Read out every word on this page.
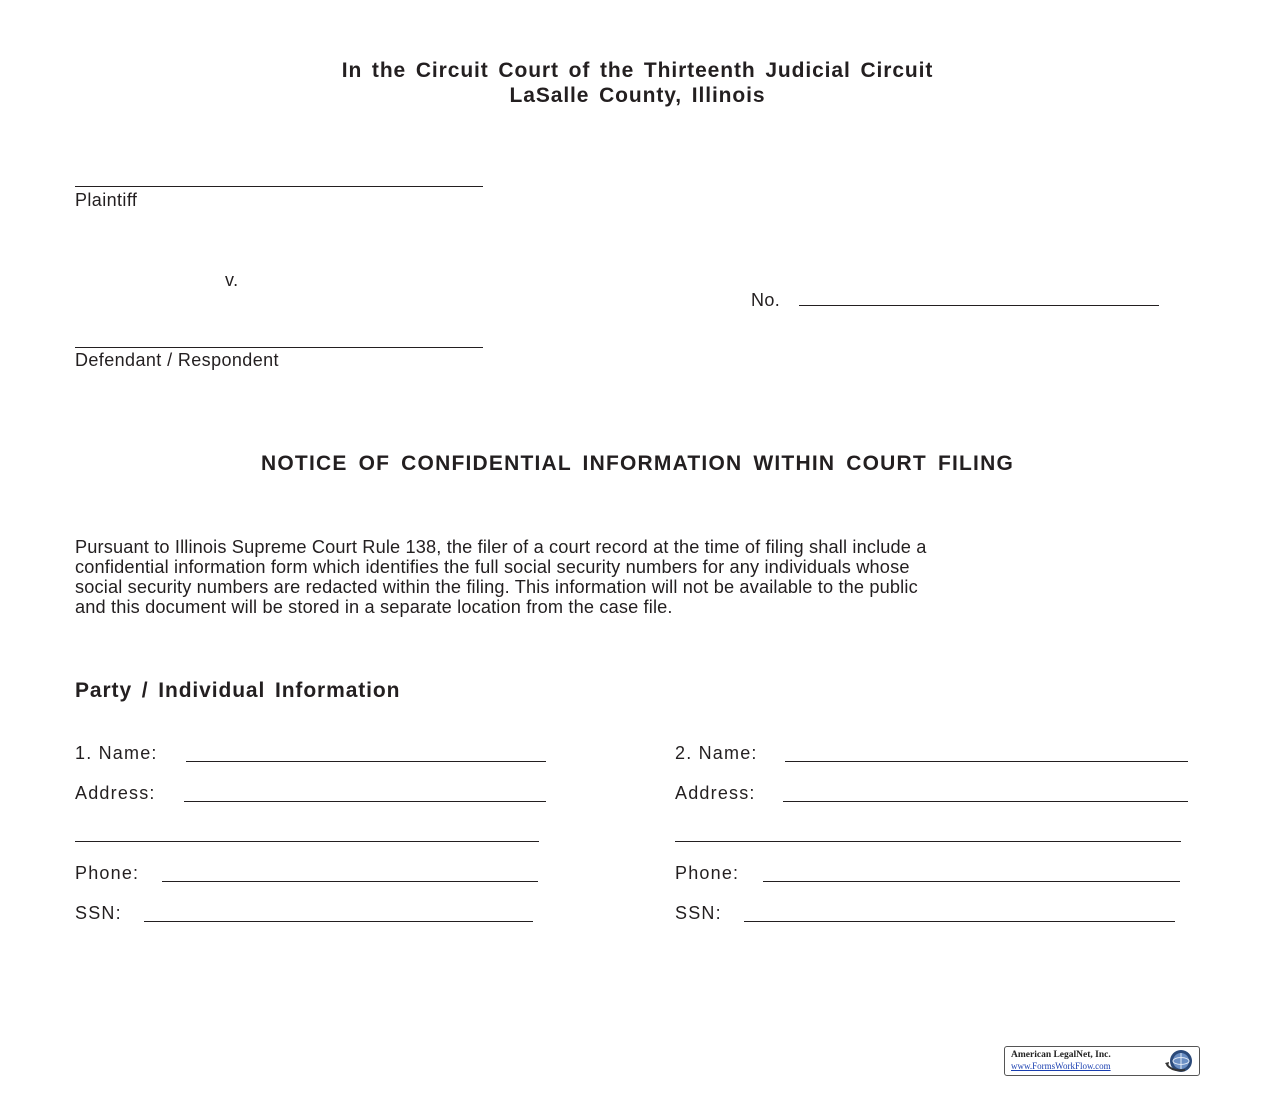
In the Circuit Court of the Thirteenth Judicial Circuit
LaSalle County, Illinois
Plaintiff
v.
No.
Defendant / Respondent
NOTICE OF CONFIDENTIAL INFORMATION WITHIN COURT FILING
Pursuant to Illinois Supreme Court Rule 138, the filer of a court record at the time of filing shall include a
confidential information form which identifies the full social security numbers for any individuals whose
social security numbers are redacted within the filing. This information will not be available to the public
and this document will be stored in a separate location from the case file.
Party / Individual Information
1. Name:
Address:
Phone:
SSN:
2. Name:
Address:
Phone:
SSN:
American LegalNet, Inc.
www.FormsWorkFlow.com
